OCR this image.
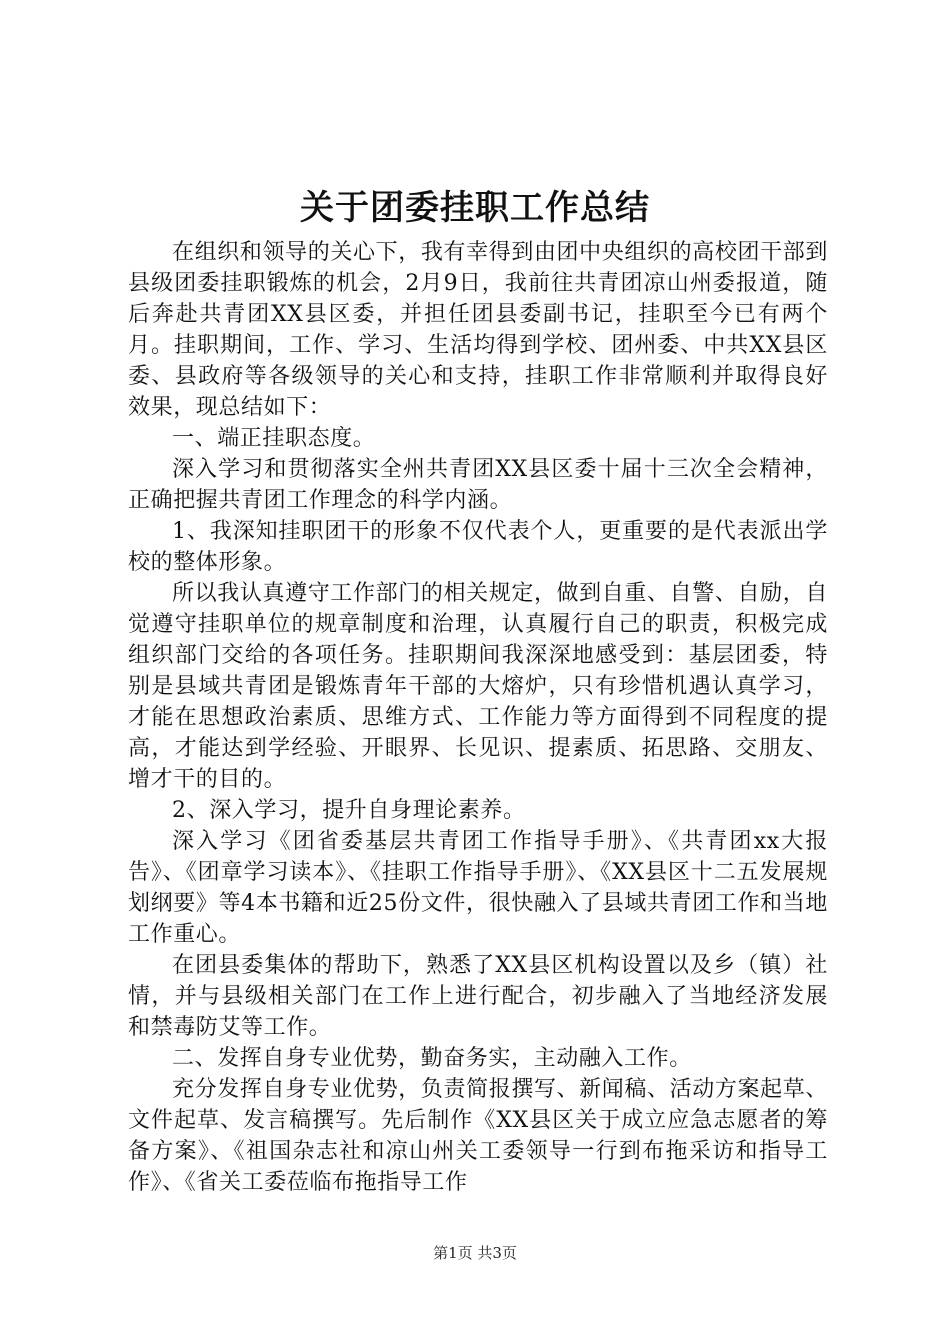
关于团委挂职工作总结

在组织和领导的关心下，我有幸得到由团中央组织的高校团干部到县级团委挂职锻炼的机会，2月9日，我前往共青团凉山州委报道，随后奔赴共青团XX县区委，并担任团县委副书记，挂职至今已有两个月。挂职期间，工作、学习、生活均得到学校、团州委、中共XX县区委、县政府等各级领导的关心和支持，挂职工作非常顺利并取得良好效果，现总结如下：

一、端正挂职态度。

深入学习和贯彻落实全州共青团XX县区委十届十三次全会精神，正确把握共青团工作理念的科学内涵。

1、我深知挂职团干的形象不仅代表个人，更重要的是代表派出学校的整体形象。

所以我认真遵守工作部门的相关规定，做到自重、自警、自励，自觉遵守挂职单位的规章制度和治理，认真履行自己的职责，积极完成组织部门交给的各项任务。挂职期间我深深地感受到：基层团委，特别是县域共青团是锻炼青年干部的大熔炉，只有珍惜机遇认真学习，才能在思想政治素质、思维方式、工作能力等方面得到不同程度的提高，才能达到学经验、开眼界、长见识、提素质、拓思路、交朋友、增才干的目的。

2、深入学习，提升自身理论素养。

深入学习《团省委基层共青团工作指导手册》、《共青团xx大报告》、《团章学习读本》、《挂职工作指导手册》、《XX县区十二五发展规划纲要》等4本书籍和近25份文件，很快融入了县域共青团工作和当地工作重心。

在团县委集体的帮助下，熟悉了XX县区机构设置以及乡（镇）社情，并与县级相关部门在工作上进行配合，初步融入了当地经济发展和禁毒防艾等工作。

二、发挥自身专业优势，勤奋务实，主动融入工作。

充分发挥自身专业优势，负责简报撰写、新闻稿、活动方案起草、文件起草、发言稿撰写。先后制作《XX县区关于成立应急志愿者的筹备方案》、《祖国杂志社和凉山州关工委领导一行到布拖采访和指导工作》、《省关工委莅临布拖指导工作

第1页 共3页
